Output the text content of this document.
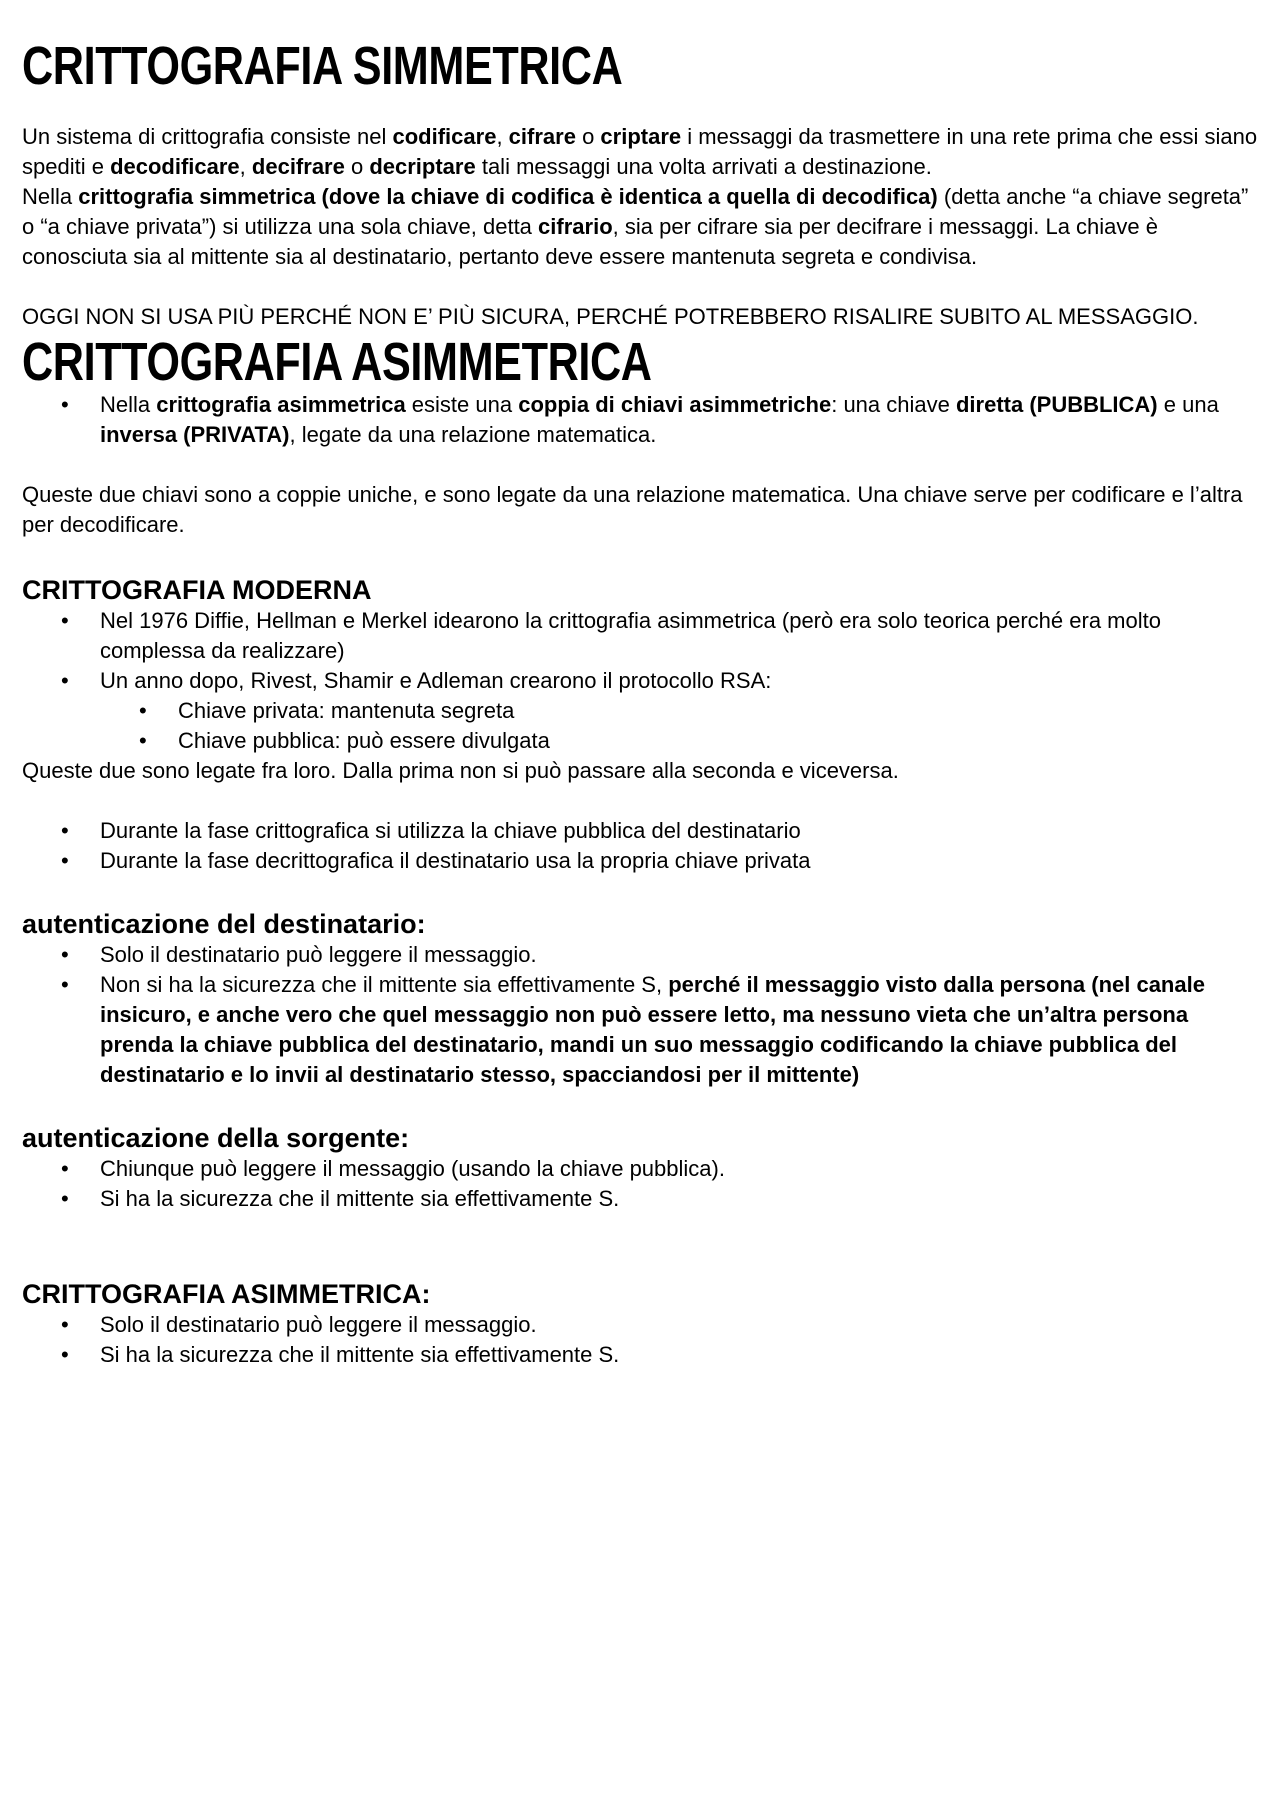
CRITTOGRAFIA SIMMETRICA

Un sistema di crittografia consiste nel codificare, cifrare o criptare i messaggi da trasmettere in una rete prima che essi siano spediti e decodificare, decifrare o decriptare tali messaggi una volta arrivati a destinazione.

Nella crittografia simmetrica (dove la chiave di codifica è identica a quella di decodifica) (detta anche “a chiave segreta” o “a chiave privata”) si utilizza una sola chiave, detta cifrario, sia per cifrare sia per decifrare i messaggi. La chiave è conosciuta sia al mittente sia al destinatario, pertanto deve essere mantenuta segreta e condivisa.

OGGI NON SI USA PIÙ PERCHÉ NON E’ PIÙ SICURA, PERCHÉ POTREBBERO RISALIRE SUBITO AL MESSAGGIO.

CRITTOGRAFIA ASIMMETRICA
• Nella crittografia asimmetrica esiste una coppia di chiavi asimmetriche: una chiave diretta (PUBBLICA) e una inversa (PRIVATA), legate da una relazione matematica.

Queste due chiavi sono a coppie uniche, e sono legate da una relazione matematica. Una chiave serve per codificare e l’altra per decodificare.

CRITTOGRAFIA MODERNA
• Nel 1976 Diffie, Hellman e Merkel idearono la crittografia asimmetrica (però era solo teorica perché era molto complessa da realizzare)
• Un anno dopo, Rivest, Shamir e Adleman crearono il protocollo RSA:
• Chiave privata: mantenuta segreta
• Chiave pubblica: può essere divulgata

Queste due sono legate fra loro. Dalla prima non si può passare alla seconda e viceversa.

• Durante la fase crittografica si utilizza la chiave pubblica del destinatario
• Durante la fase decrittografica il destinatario usa la propria chiave privata
autenticazione del destinatario:
• Solo il destinatario può leggere il messaggio.
• Non si ha la sicurezza che il mittente sia effettivamente S, perché il messaggio visto dalla persona (nel canale insicuro, e anche vero che quel messaggio non può essere letto, ma nessuno vieta che un’altra persona prenda la chiave pubblica del destinatario, mandi un suo messaggio codificando la chiave pubblica del destinatario e lo invii al destinatario stesso, spacciandosi per il mittente)
autenticazione della sorgente:
• Chiunque può leggere il messaggio (usando la chiave pubblica).
• Si ha la sicurezza che il mittente sia effettivamente S.
CRITTOGRAFIA ASIMMETRICA:
• Solo il destinatario può leggere il messaggio.
• Si ha la sicurezza che il mittente sia effettivamente S.
